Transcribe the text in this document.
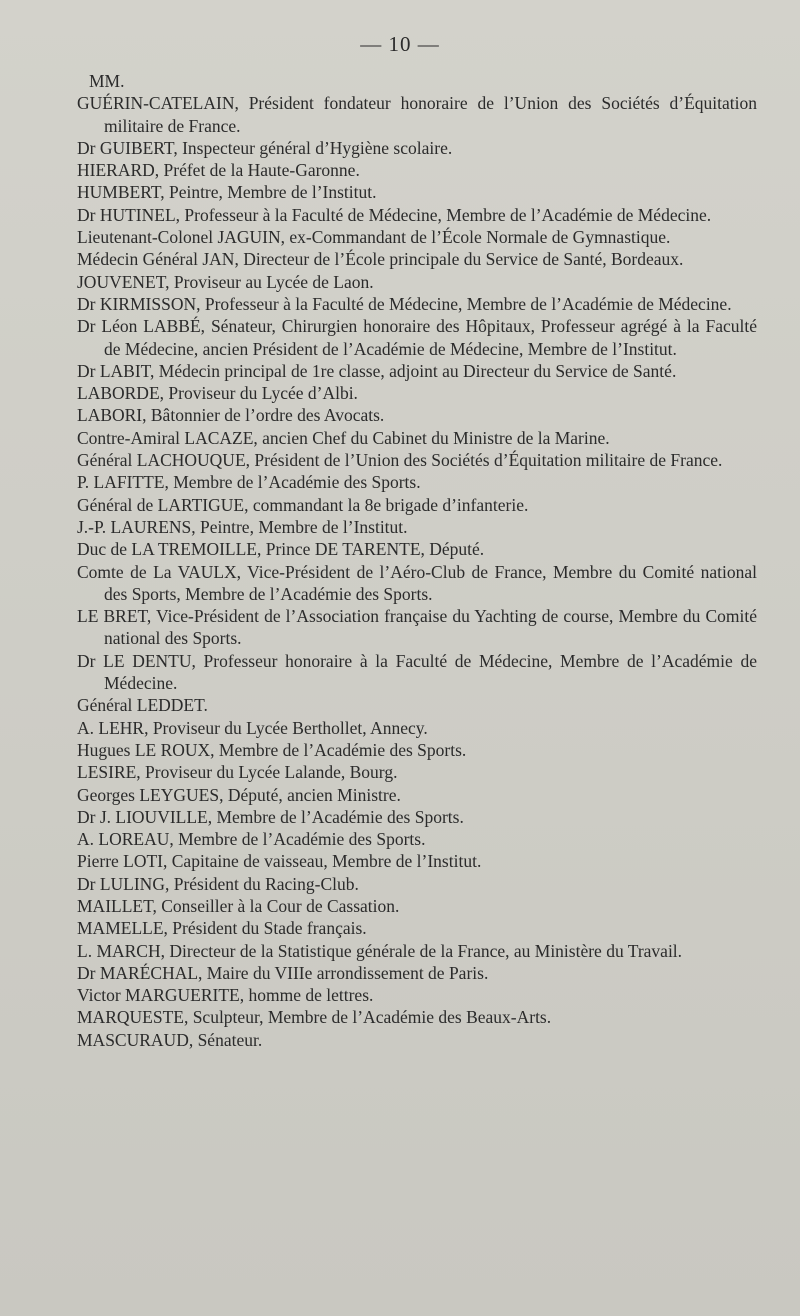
— 10 —
MM.
GUÉRIN-CATELAIN, Président fondateur honoraire de l’Union des Sociétés d’Équitation militaire de France.
Dr GUIBERT, Inspecteur général d’Hygiène scolaire.
HIERARD, Préfet de la Haute-Garonne.
HUMBERT, Peintre, Membre de l’Institut.
Dr HUTINEL, Professeur à la Faculté de Médecine, Membre de l’Académie de Médecine.
Lieutenant-Colonel JAGUIN, ex-Commandant de l’École Normale de Gymnastique.
Médecin Général JAN, Directeur de l’École principale du Service de Santé, Bordeaux.
JOUVENET, Proviseur au Lycée de Laon.
Dr KIRMISSON, Professeur à la Faculté de Médecine, Membre de l’Académie de Médecine.
Dr Léon LABBÉ, Sénateur, Chirurgien honoraire des Hôpitaux, Professeur agrégé à la Faculté de Médecine, ancien Président de l’Académie de Médecine, Membre de l’Institut.
Dr LABIT, Médecin principal de 1re classe, adjoint au Directeur du Service de Santé.
LABORDE, Proviseur du Lycée d’Albi.
LABORI, Bâtonnier de l’ordre des Avocats.
Contre-Amiral LACAZE, ancien Chef du Cabinet du Ministre de la Marine.
Général LACHOUQUE, Président de l’Union des Sociétés d’Équitation militaire de France.
P. LAFITTE, Membre de l’Académie des Sports.
Général de LARTIGUE, commandant la 8e brigade d’infanterie.
J.-P. LAURENS, Peintre, Membre de l’Institut.
Duc de LA TREMOILLE, Prince DE TARENTE, Député.
Comte de La VAULX, Vice-Président de l’Aéro-Club de France, Membre du Comité national des Sports, Membre de l’Académie des Sports.
LE BRET, Vice-Président de l’Association française du Yachting de course, Membre du Comité national des Sports.
Dr LE DENTU, Professeur honoraire à la Faculté de Médecine, Membre de l’Académie de Médecine.
Général LEDDET.
A. LEHR, Proviseur du Lycée Berthollet, Annecy.
Hugues LE ROUX, Membre de l’Académie des Sports.
LESIRE, Proviseur du Lycée Lalande, Bourg.
Georges LEYGUES, Député, ancien Ministre.
Dr J. LIOUVILLE, Membre de l’Académie des Sports.
A. LOREAU, Membre de l’Académie des Sports.
Pierre LOTI, Capitaine de vaisseau, Membre de l’Institut.
Dr LULING, Président du Racing-Club.
MAILLET, Conseiller à la Cour de Cassation.
MAMELLE, Président du Stade français.
L. MARCH, Directeur de la Statistique générale de la France, au Ministère du Travail.
Dr MARÉCHAL, Maire du VIIIe arrondissement de Paris.
Victor MARGUERITE, homme de lettres.
MARQUESTE, Sculpteur, Membre de l’Académie des Beaux-Arts.
MASCURAUD, Sénateur.
